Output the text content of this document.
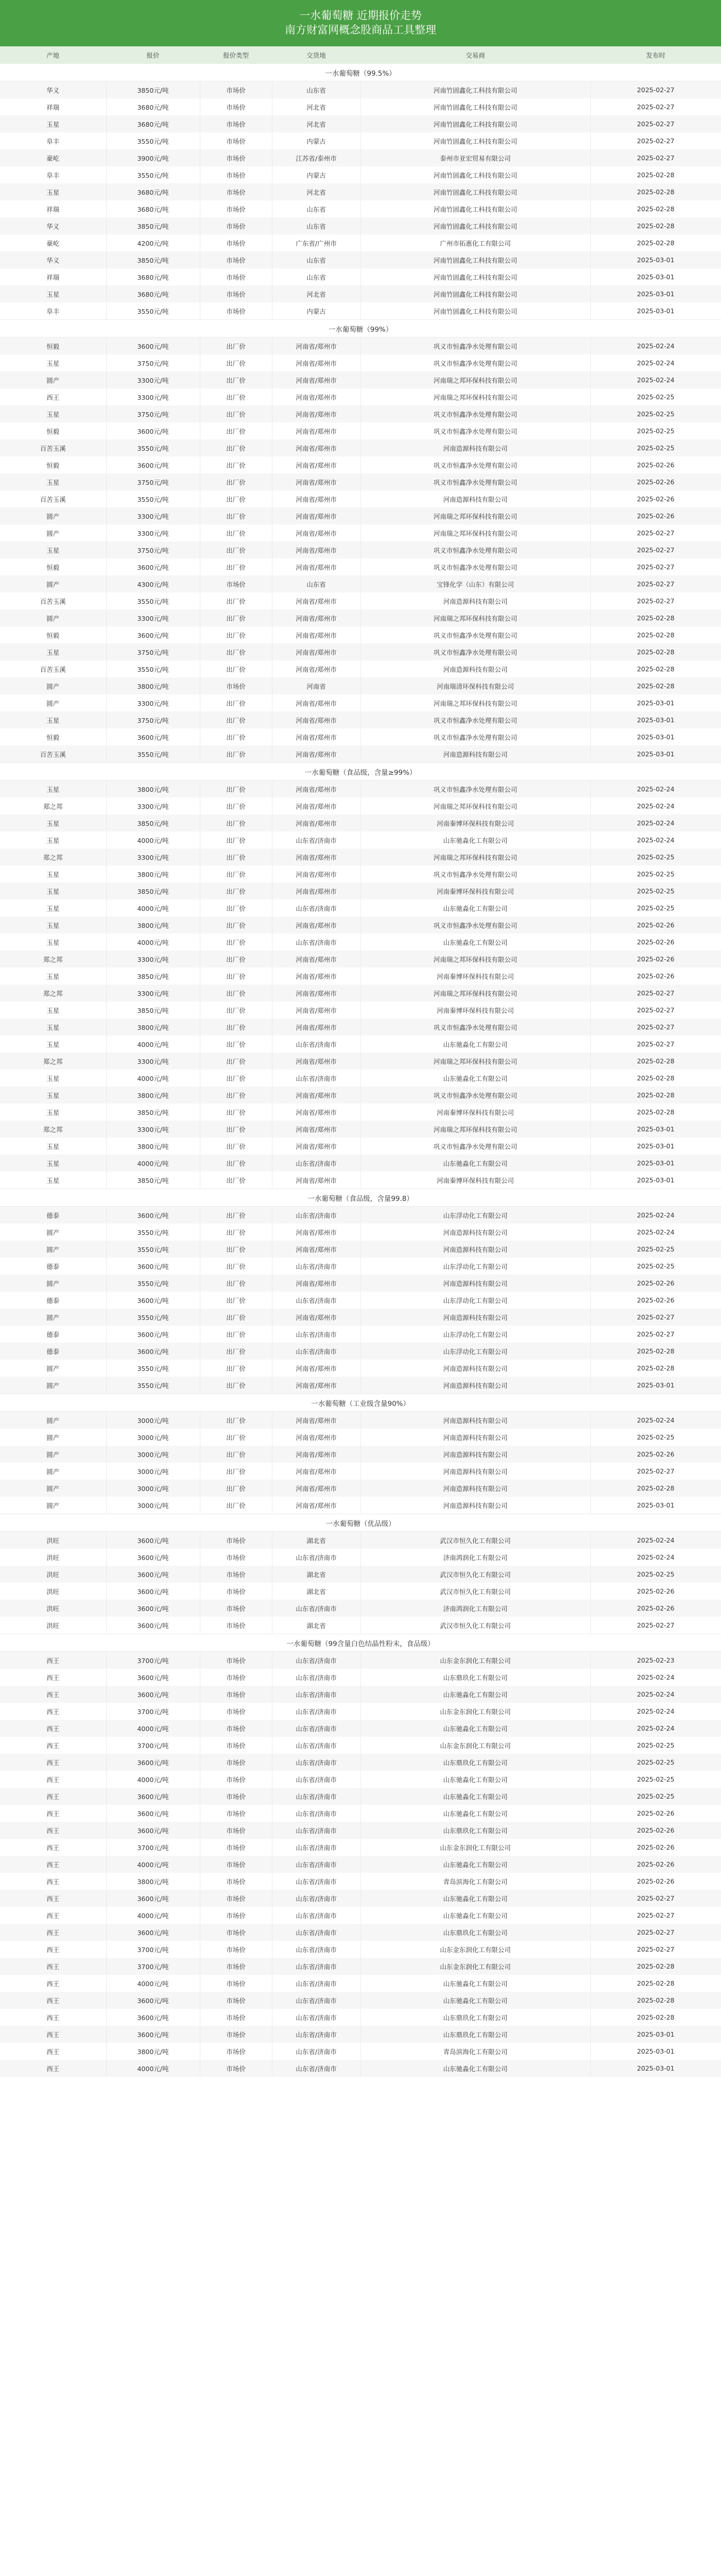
一水葡萄糖 近期报价走势
南方财富网概念股商品工具整理
产地	报价	报价类型	交货地	交易商	发布时
一水葡萄糖（99.5%）					
华义	3850元/吨	市场价	山东省	河南竹固鑫化工科技有限公司	2025-02-27
祥瑞	3680元/吨	市场价	河北省	河南竹固鑫化工科技有限公司	2025-02-27
玉星	3680元/吨	市场价	河北省	河南竹固鑫化工科技有限公司	2025-02-27
阜丰	3550元/吨	市场价	内蒙古	河南竹固鑫化工科技有限公司	2025-02-27
豪屹	3900元/吨	市场价	江苏省/泰州市	泰州市亚宏贸易有限公司	2025-02-27
阜丰	3550元/吨	市场价	内蒙古	河南竹固鑫化工科技有限公司	2025-02-28
玉星	3680元/吨	市场价	河北省	河南竹固鑫化工科技有限公司	2025-02-28
祥瑞	3680元/吨	市场价	山东省	河南竹固鑫化工科技有限公司	2025-02-28
华义	3850元/吨	市场价	山东省	河南竹固鑫化工科技有限公司	2025-02-28
豪屹	4200元/吨	市场价	广东省/广州市	广州市拓惠化工有限公司	2025-02-28
华义	3850元/吨	市场价	山东省	河南竹固鑫化工科技有限公司	2025-03-01
祥瑞	3680元/吨	市场价	山东省	河南竹固鑫化工科技有限公司	2025-03-01
玉星	3680元/吨	市场价	河北省	河南竹固鑫化工科技有限公司	2025-03-01
阜丰	3550元/吨	市场价	内蒙古	河南竹固鑫化工科技有限公司	2025-03-01
一水葡萄糖（99%）					
恒毅	3600元/吨	出厂价	河南省/郑州市	巩义市恒鑫净水处理有限公司	2025-02-24
玉星	3750元/吨	出厂价	河南省/郑州市	巩义市恒鑫净水处理有限公司	2025-02-24
圆产	3300元/吨	出厂价	河南省/郑州市	河南瑞之邦环保科技有限公司	2025-02-24
西王	3300元/吨	出厂价	河南省/郑州市	河南瑞之邦环保科技有限公司	2025-02-25
玉星	3750元/吨	出厂价	河南省/郑州市	巩义市恒鑫净水处理有限公司	2025-02-25
恒毅	3600元/吨	出厂价	河南省/郑州市	巩义市恒鑫净水处理有限公司	2025-02-25
百苦玉溪	3550元/吨	出厂价	河南省/郑州市	河南造源科技有限公司	2025-02-25
恒毅	3600元/吨	出厂价	河南省/郑州市	巩义市恒鑫净水处理有限公司	2025-02-26
玉星	3750元/吨	出厂价	河南省/郑州市	巩义市恒鑫净水处理有限公司	2025-02-26
百苦玉溪	3550元/吨	出厂价	河南省/郑州市	河南造源科技有限公司	2025-02-26
圆产	3300元/吨	出厂价	河南省/郑州市	河南瑞之邦环保科技有限公司	2025-02-26
圆产	3300元/吨	出厂价	河南省/郑州市	河南瑞之邦环保科技有限公司	2025-02-27
玉星	3750元/吨	出厂价	河南省/郑州市	巩义市恒鑫净水处理有限公司	2025-02-27
恒毅	3600元/吨	出厂价	河南省/郑州市	巩义市恒鑫净水处理有限公司	2025-02-27
圆产	4300元/吨	市场价	山东省	宝锋化学（山东）有限公司	2025-02-27
百苦玉溪	3550元/吨	出厂价	河南省/郑州市	河南造源科技有限公司	2025-02-27
圆产	3300元/吨	出厂价	河南省/郑州市	河南瑞之邦环保科技有限公司	2025-02-28
恒毅	3600元/吨	出厂价	河南省/郑州市	巩义市恒鑫净水处理有限公司	2025-02-28
玉星	3750元/吨	出厂价	河南省/郑州市	巩义市恒鑫净水处理有限公司	2025-02-28
百苦玉溪	3550元/吨	出厂价	河南省/郑州市	河南造源科技有限公司	2025-02-28
圆产	3800元/吨	市场价	河南省	河南瑞清环保科技有限公司	2025-02-28
圆产	3300元/吨	出厂价	河南省/郑州市	河南瑞之邦环保科技有限公司	2025-03-01
玉星	3750元/吨	出厂价	河南省/郑州市	巩义市恒鑫净水处理有限公司	2025-03-01
恒毅	3600元/吨	出厂价	河南省/郑州市	巩义市恒鑫净水处理有限公司	2025-03-01
百苦玉溪	3550元/吨	出厂价	河南省/郑州市	河南造源科技有限公司	2025-03-01
一水葡萄糖（食品级，含量≥99%）					
玉星	3800元/吨	出厂价	河南省/郑州市	巩义市恒鑫净水处理有限公司	2025-02-24
郑之邦	3300元/吨	出厂价	河南省/郑州市	河南瑞之邦环保科技有限公司	2025-02-24
玉星	3850元/吨	出厂价	河南省/郑州市	河南秦博环保科技有限公司	2025-02-24
玉星	4000元/吨	出厂价	山东省/济南市	山东驰淼化工有限公司	2025-02-24
郑之邦	3300元/吨	出厂价	河南省/郑州市	河南瑞之邦环保科技有限公司	2025-02-25
玉星	3800元/吨	出厂价	河南省/郑州市	巩义市恒鑫净水处理有限公司	2025-02-25
玉星	3850元/吨	出厂价	河南省/郑州市	河南秦博环保科技有限公司	2025-02-25
玉星	4000元/吨	出厂价	山东省/济南市	山东驰淼化工有限公司	2025-02-25
玉星	3800元/吨	出厂价	河南省/郑州市	巩义市恒鑫净水处理有限公司	2025-02-26
玉星	4000元/吨	出厂价	山东省/济南市	山东驰淼化工有限公司	2025-02-26
郑之邦	3300元/吨	出厂价	河南省/郑州市	河南瑞之邦环保科技有限公司	2025-02-26
玉星	3850元/吨	出厂价	河南省/郑州市	河南秦博环保科技有限公司	2025-02-26
郑之邦	3300元/吨	出厂价	河南省/郑州市	河南瑞之邦环保科技有限公司	2025-02-27
玉星	3850元/吨	出厂价	河南省/郑州市	河南秦博环保科技有限公司	2025-02-27
玉星	3800元/吨	出厂价	河南省/郑州市	巩义市恒鑫净水处理有限公司	2025-02-27
玉星	4000元/吨	出厂价	山东省/济南市	山东驰淼化工有限公司	2025-02-27
郑之邦	3300元/吨	出厂价	河南省/郑州市	河南瑞之邦环保科技有限公司	2025-02-28
玉星	4000元/吨	出厂价	山东省/济南市	山东驰淼化工有限公司	2025-02-28
玉星	3800元/吨	出厂价	河南省/郑州市	巩义市恒鑫净水处理有限公司	2025-02-28
玉星	3850元/吨	出厂价	河南省/郑州市	河南秦博环保科技有限公司	2025-02-28
郑之邦	3300元/吨	出厂价	河南省/郑州市	河南瑞之邦环保科技有限公司	2025-03-01
玉星	3800元/吨	出厂价	河南省/郑州市	巩义市恒鑫净水处理有限公司	2025-03-01
玉星	4000元/吨	出厂价	山东省/济南市	山东驰淼化工有限公司	2025-03-01
玉星	3850元/吨	出厂价	河南省/郑州市	河南秦博环保科技有限公司	2025-03-01
一水葡萄糖（食品级，含量99.8）					
德泰	3600元/吨	出厂价	山东省/济南市	山东浮动化工有限公司	2025-02-24
圆产	3550元/吨	出厂价	河南省/郑州市	河南造源科技有限公司	2025-02-24
圆产	3550元/吨	出厂价	河南省/郑州市	河南造源科技有限公司	2025-02-25
德泰	3600元/吨	出厂价	山东省/济南市	山东浮动化工有限公司	2025-02-25
圆产	3550元/吨	出厂价	河南省/郑州市	河南造源科技有限公司	2025-02-26
德泰	3600元/吨	出厂价	山东省/济南市	山东浮动化工有限公司	2025-02-26
圆产	3550元/吨	出厂价	河南省/郑州市	河南造源科技有限公司	2025-02-27
德泰	3600元/吨	出厂价	山东省/济南市	山东浮动化工有限公司	2025-02-27
德泰	3600元/吨	出厂价	山东省/济南市	山东浮动化工有限公司	2025-02-28
圆产	3550元/吨	出厂价	河南省/郑州市	河南造源科技有限公司	2025-02-28
圆产	3550元/吨	出厂价	河南省/郑州市	河南造源科技有限公司	2025-03-01
一水葡萄糖（工业级含量90%）					
圆产	3000元/吨	出厂价	河南省/郑州市	河南造源科技有限公司	2025-02-24
圆产	3000元/吨	出厂价	河南省/郑州市	河南造源科技有限公司	2025-02-25
圆产	3000元/吨	出厂价	河南省/郑州市	河南造源科技有限公司	2025-02-26
圆产	3000元/吨	出厂价	河南省/郑州市	河南造源科技有限公司	2025-02-27
圆产	3000元/吨	出厂价	河南省/郑州市	河南造源科技有限公司	2025-02-28
圆产	3000元/吨	出厂价	河南省/郑州市	河南造源科技有限公司	2025-03-01
一水葡萄糖（优品级）					
洪旺	3600元/吨	市场价	湖北省	武汉市恒久化工有限公司	2025-02-24
洪旺	3600元/吨	市场价	山东省/济南市	济南鸿润化工有限公司	2025-02-24
洪旺	3600元/吨	市场价	湖北省	武汉市恒久化工有限公司	2025-02-25
洪旺	3600元/吨	市场价	湖北省	武汉市恒久化工有限公司	2025-02-26
洪旺	3600元/吨	市场价	山东省/济南市	济南鸿润化工有限公司	2025-02-26
洪旺	3600元/吨	市场价	湖北省	武汉市恒久化工有限公司	2025-02-27
一水葡萄糖（99含量白色结晶性粉末，食品级）					
西王	3700元/吨	市场价	山东省/济南市	山东金东润化工有限公司	2025-02-23
西王	3600元/吨	市场价	山东省/济南市	山东鼎玖化工有限公司	2025-02-24
西王	3600元/吨	市场价	山东省/济南市	山东驰淼化工有限公司	2025-02-24
西王	3700元/吨	市场价	山东省/济南市	山东金东润化工有限公司	2025-02-24
西王	4000元/吨	市场价	山东省/济南市	山东驰淼化工有限公司	2025-02-24
西王	3700元/吨	市场价	山东省/济南市	山东金东润化工有限公司	2025-02-25
西王	3600元/吨	市场价	山东省/济南市	山东鼎玖化工有限公司	2025-02-25
西王	4000元/吨	市场价	山东省/济南市	山东驰淼化工有限公司	2025-02-25
西王	3600元/吨	市场价	山东省/济南市	山东驰淼化工有限公司	2025-02-25
西王	3600元/吨	市场价	山东省/济南市	山东驰淼化工有限公司	2025-02-26
西王	3600元/吨	市场价	山东省/济南市	山东鼎玖化工有限公司	2025-02-26
西王	3700元/吨	市场价	山东省/济南市	山东金东润化工有限公司	2025-02-26
西王	4000元/吨	市场价	山东省/济南市	山东驰淼化工有限公司	2025-02-26
西王	3800元/吨	市场价	山东省/济南市	青岛滨海化工有限公司	2025-02-26
西王	3600元/吨	市场价	山东省/济南市	山东驰淼化工有限公司	2025-02-27
西王	4000元/吨	市场价	山东省/济南市	山东驰淼化工有限公司	2025-02-27
西王	3600元/吨	市场价	山东省/济南市	山东鼎玖化工有限公司	2025-02-27
西王	3700元/吨	市场价	山东省/济南市	山东金东润化工有限公司	2025-02-27
西王	3700元/吨	市场价	山东省/济南市	山东金东润化工有限公司	2025-02-28
西王	4000元/吨	市场价	山东省/济南市	山东驰淼化工有限公司	2025-02-28
西王	3600元/吨	市场价	山东省/济南市	山东驰淼化工有限公司	2025-02-28
西王	3600元/吨	市场价	山东省/济南市	山东鼎玖化工有限公司	2025-02-28
西王	3600元/吨	市场价	山东省/济南市	山东鼎玖化工有限公司	2025-03-01
西王	3800元/吨	市场价	山东省/济南市	青岛滨海化工有限公司	2025-03-01
西王	4000元/吨	市场价	山东省/济南市	山东驰淼化工有限公司	2025-03-01
